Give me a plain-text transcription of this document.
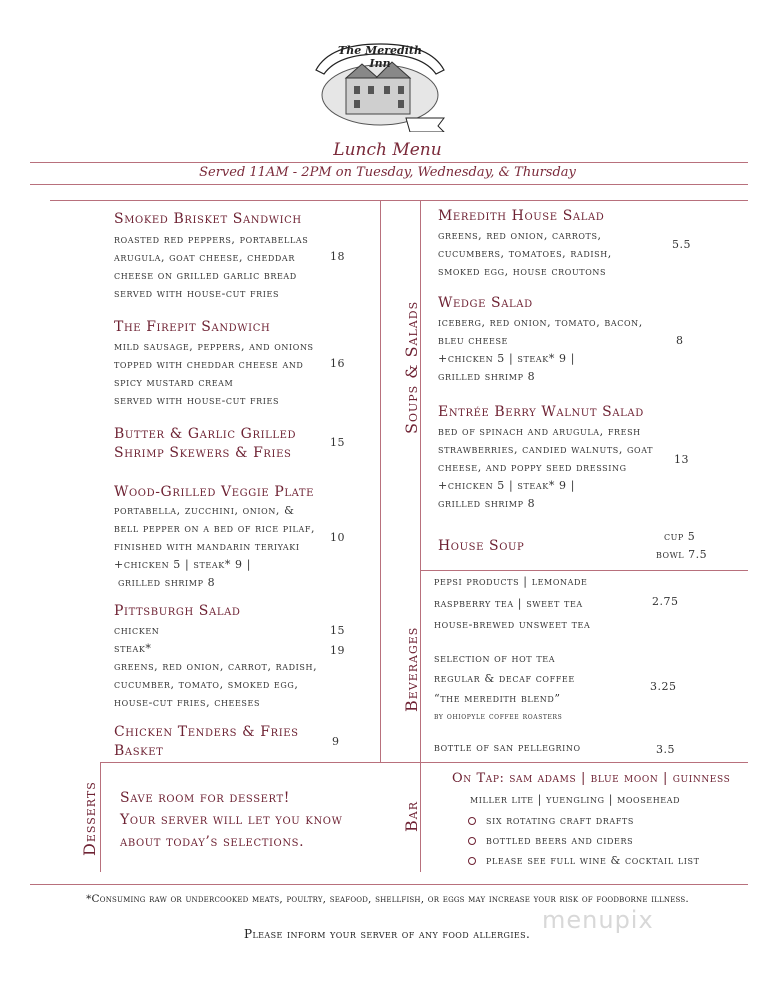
The Meredith Inn
Lunch Menu
Served 11AM - 2PM on Tuesday, Wednesday, & Thursday
Smoked Brisket Sandwich
roasted red peppers, portabellas
arugula, goat cheese, cheddar
cheese on grilled garlic bread
served with house-cut fries
18
The Firepit Sandwich
mild sausage, peppers, and onions
topped with cheddar cheese and
spicy mustard cream
served with house-cut fries
16
Butter & Garlic Grilled
Shrimp Skewers & Fries
15
Wood-Grilled Veggie Plate
portabella, zucchini, onion, &
bell pepper on a bed of rice pilaf,
finished with mandarin teriyaki
+chicken 5 | steak* 9 |
grilled shrimp 8
10
Pittsburgh Salad
chicken	15
steak*	19
greens, red onion, carrot, radish,
cucumber, tomato, smoked egg,
house-cut fries, cheeses
Chicken Tenders & Fries
Basket
9
Soups & Salads
Meredith House Salad
greens, red onion, carrots,
cucumbers, tomatoes, radish,
smoked egg, house croutons
5.5
Wedge Salad
iceberg, red onion, tomato, bacon,
bleu cheese
+chicken 5 | steak* 9 |
grilled shrimp 8
8
Entrée Berry Walnut Salad
bed of spinach and arugula, fresh
strawberries, candied walnuts, goat
cheese, and poppy seed dressing
+chicken 5 | steak* 9 |
grilled shrimp 8
13
House Soup
cup 5
bowl 7.5
Beverages
pepsi products | lemonade
raspberry tea | sweet tea
house-brewed unsweet tea
2.75
selection of hot tea
regular & decaf coffee
“the meredith blend”
by ohiopyle coffee roasters
3.25
bottle of san pellegrino	3.5
Bar
On Tap: sam adams | blue moon | guinness
miller lite | yuengling | moosehead
six rotating craft drafts
bottled beers and ciders
please see full wine & cocktail list
Desserts Save room for dessert!
Your server will let you know
about today’s selections.
*Consuming raw or undercooked meats, poultry, seafood, shellfish, or eggs may increase your risk of foodborne illness.
Please inform your server of any food allergies. menupix
